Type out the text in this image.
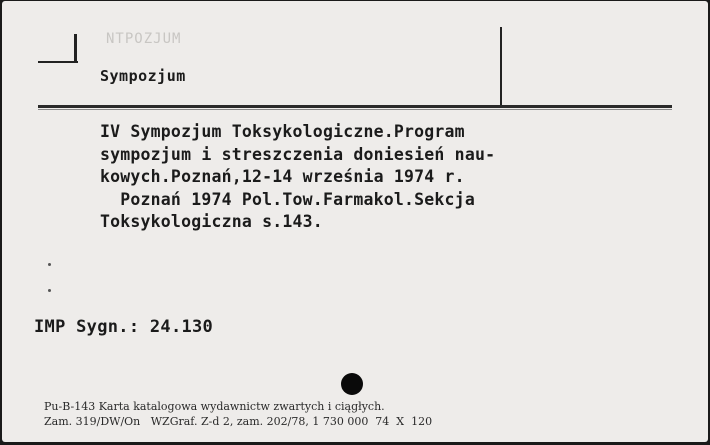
NTPOZJUM
Sympozjum
IV Sympozjum Toksykologiczne.Program
sympozjum i streszczenia doniesień nau-
kowych.Poznań,12-14 września 1974 r.
Poznań 1974 Pol.Tow.Farmakol.Sekcja
Toksykologiczna s.143.
IMP Sygn.: 24.130
Pu-B-143 Karta katalogowa wydawnictw zwartych i ciągłych.
Zam. 319/DW/On   WZGraf. Z-d 2, zam. 202/78, 1 730 000  74  X  120
